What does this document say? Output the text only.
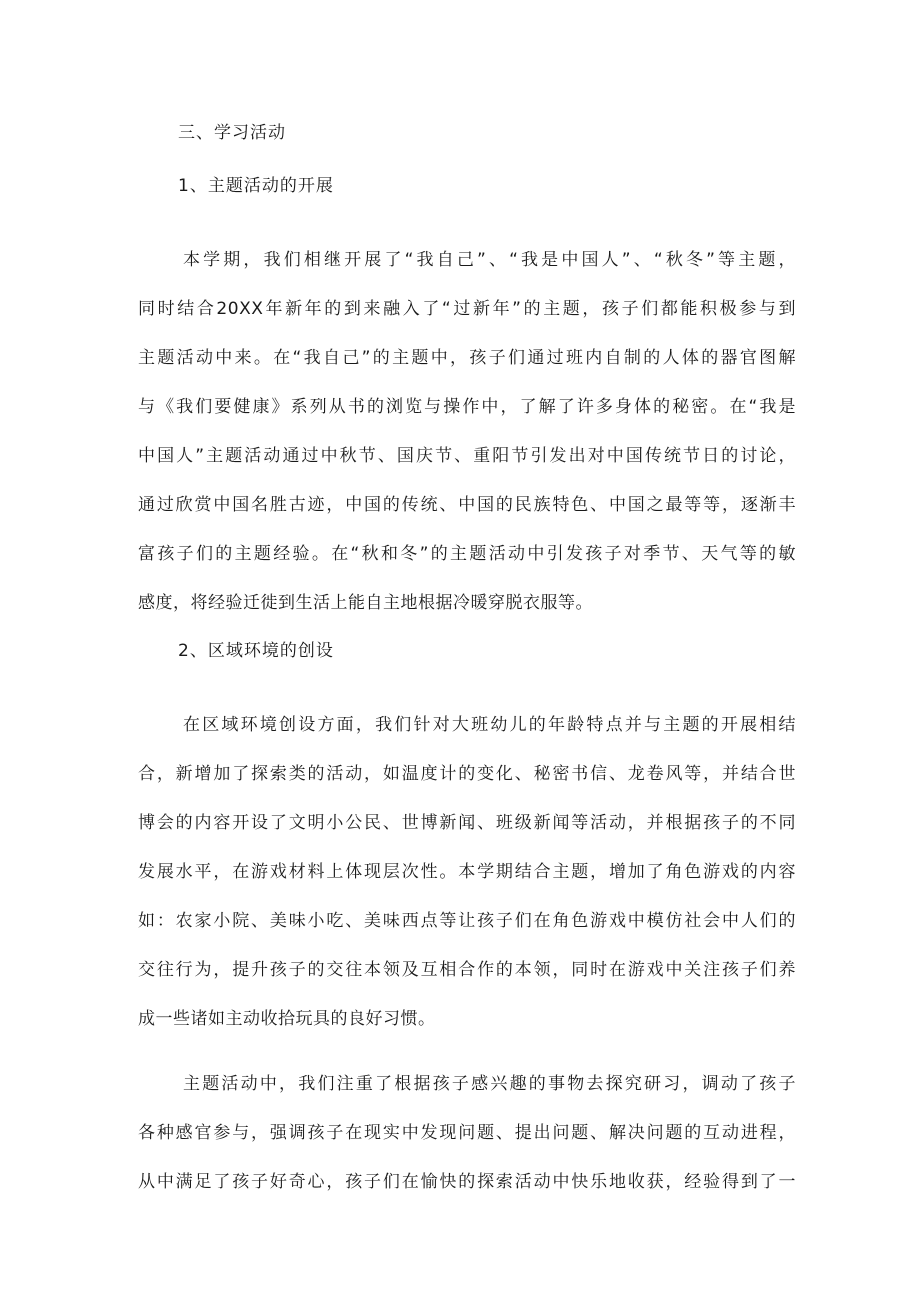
三、学习活动
1、主题活动的开展
本学期，我们相继开展了“我自己”、“我是中国人”、“秋冬”等主题，
同时结合20XX年新年的到来融入了“过新年”的主题，孩子们都能积极参与到
主题活动中来。在“我自己”的主题中，孩子们通过班内自制的人体的器官图解
与《我们要健康》系列从书的浏览与操作中，了解了许多身体的秘密。在“我是
中国人”主题活动通过中秋节、国庆节、重阳节引发出对中国传统节日的讨论，
通过欣赏中国名胜古迹，中国的传统、中国的民族特色、中国之最等等，逐渐丰
富孩子们的主题经验。在“秋和冬”的主题活动中引发孩子对季节、天气等的敏
感度，将经验迁徙到生活上能自主地根据冷暖穿脱衣服等。
2、区域环境的创设
在区域环境创设方面，我们针对大班幼儿的年龄特点并与主题的开展相结
合，新增加了探索类的活动，如温度计的变化、秘密书信、龙卷风等，并结合世
博会的内容开设了文明小公民、世博新闻、班级新闻等活动，并根据孩子的不同
发展水平，在游戏材料上体现层次性。本学期结合主题，增加了角色游戏的内容
如：农家小院、美味小吃、美味西点等让孩子们在角色游戏中模仿社会中人们的
交往行为，提升孩子的交往本领及互相合作的本领，同时在游戏中关注孩子们养
成一些诸如主动收拾玩具的良好习惯。
主题活动中，我们注重了根据孩子感兴趣的事物去探究研习，调动了孩子
各种感官参与，强调孩子在现实中发现问题、提出问题、解决问题的互动进程，
从中满足了孩子好奇心，孩子们在愉快的探索活动中快乐地收获，经验得到了一
